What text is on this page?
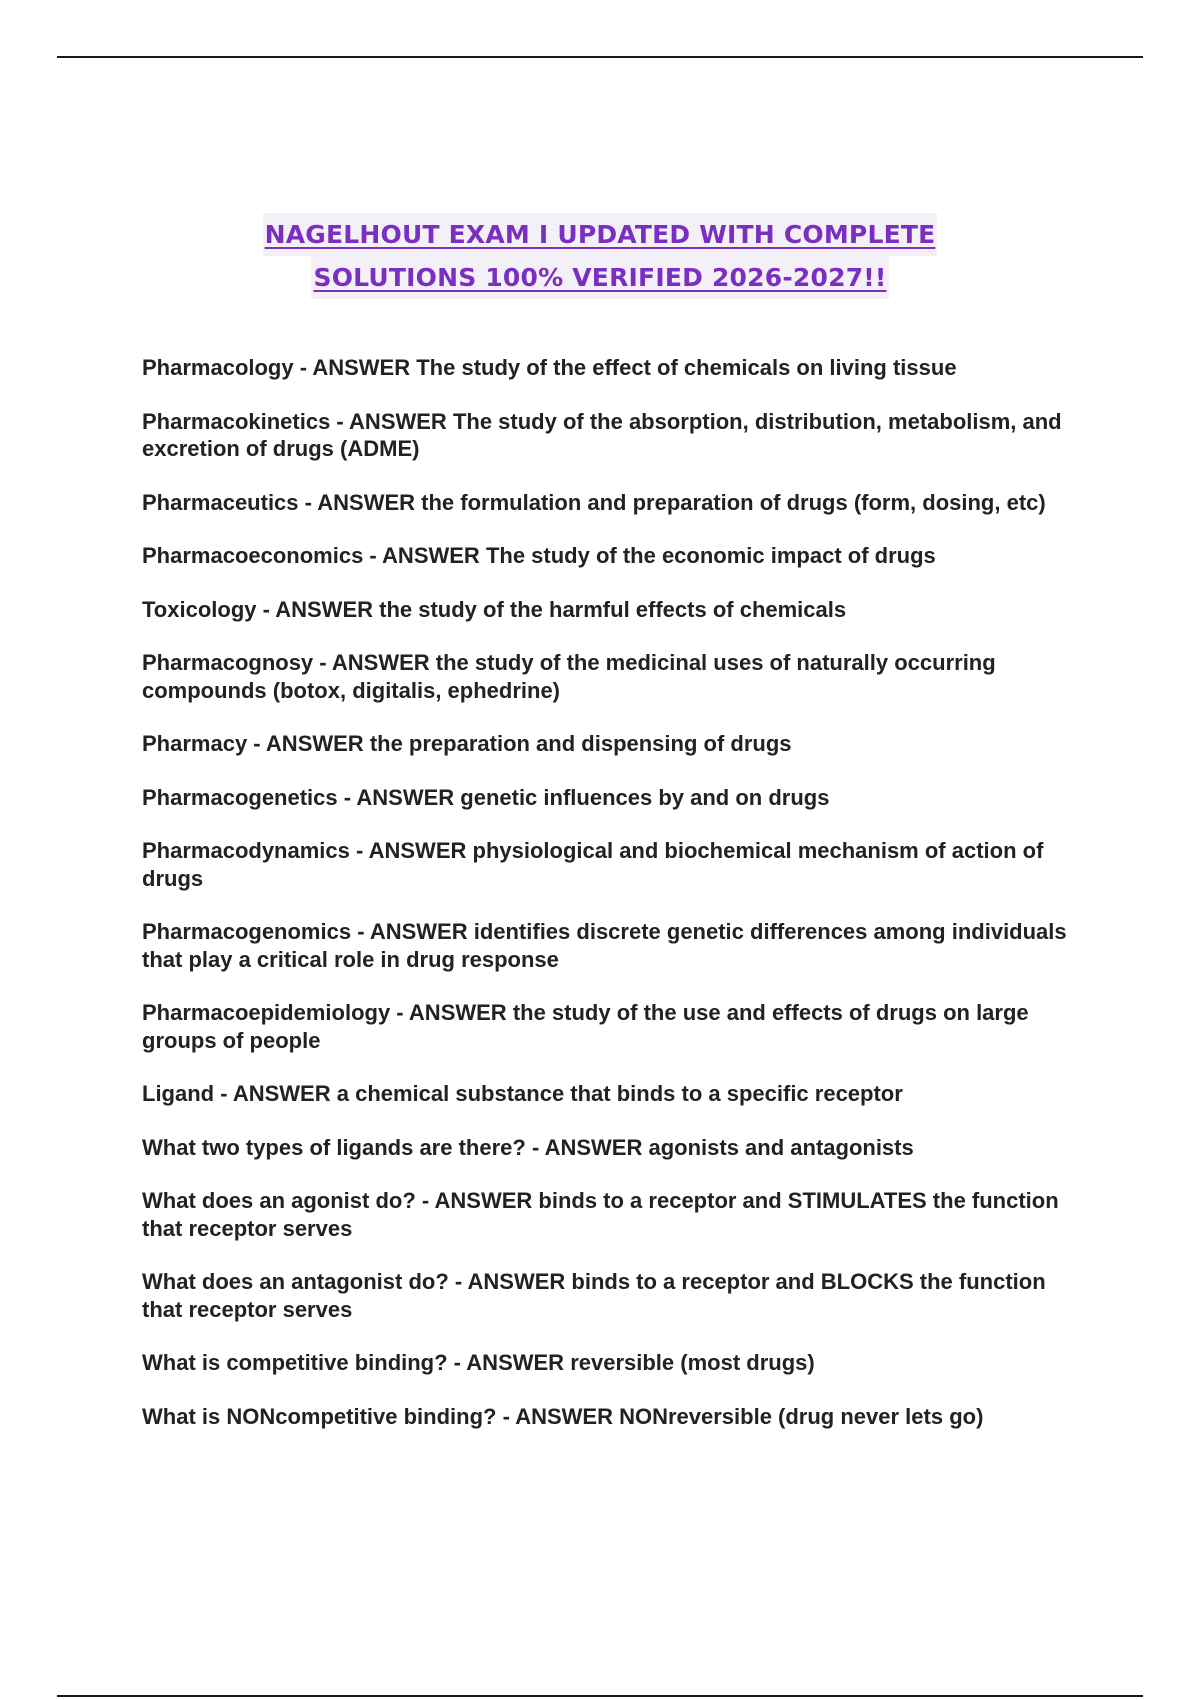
NAGELHOUT EXAM I UPDATED WITH COMPLETE
SOLUTIONS 100% VERIFIED 2026-2027!!
Pharmacology - ANSWER The study of the effect of chemicals on living tissue
Pharmacokinetics - ANSWER The study of the absorption, distribution, metabolism, and excretion of drugs (ADME)
Pharmaceutics - ANSWER the formulation and preparation of drugs (form, dosing, etc)
Pharmacoeconomics - ANSWER The study of the economic impact of drugs
Toxicology - ANSWER the study of the harmful effects of chemicals
Pharmacognosy - ANSWER the study of the medicinal uses of naturally occurring compounds (botox, digitalis, ephedrine)
Pharmacy - ANSWER the preparation and dispensing of drugs
Pharmacogenetics - ANSWER genetic influences by and on drugs
Pharmacodynamics - ANSWER physiological and biochemical mechanism of action of drugs
Pharmacogenomics - ANSWER identifies discrete genetic differences among individuals that play a critical role in drug response
Pharmacoepidemiology - ANSWER the study of the use and effects of drugs on large groups of people
Ligand - ANSWER a chemical substance that binds to a specific receptor
What two types of ligands are there? - ANSWER agonists and antagonists
What does an agonist do? - ANSWER binds to a receptor and STIMULATES the function that receptor serves
What does an antagonist do? - ANSWER binds to a receptor and BLOCKS the function that receptor serves
What is competitive binding? - ANSWER reversible (most drugs)
What is NONcompetitive binding? - ANSWER NONreversible (drug never lets go)
